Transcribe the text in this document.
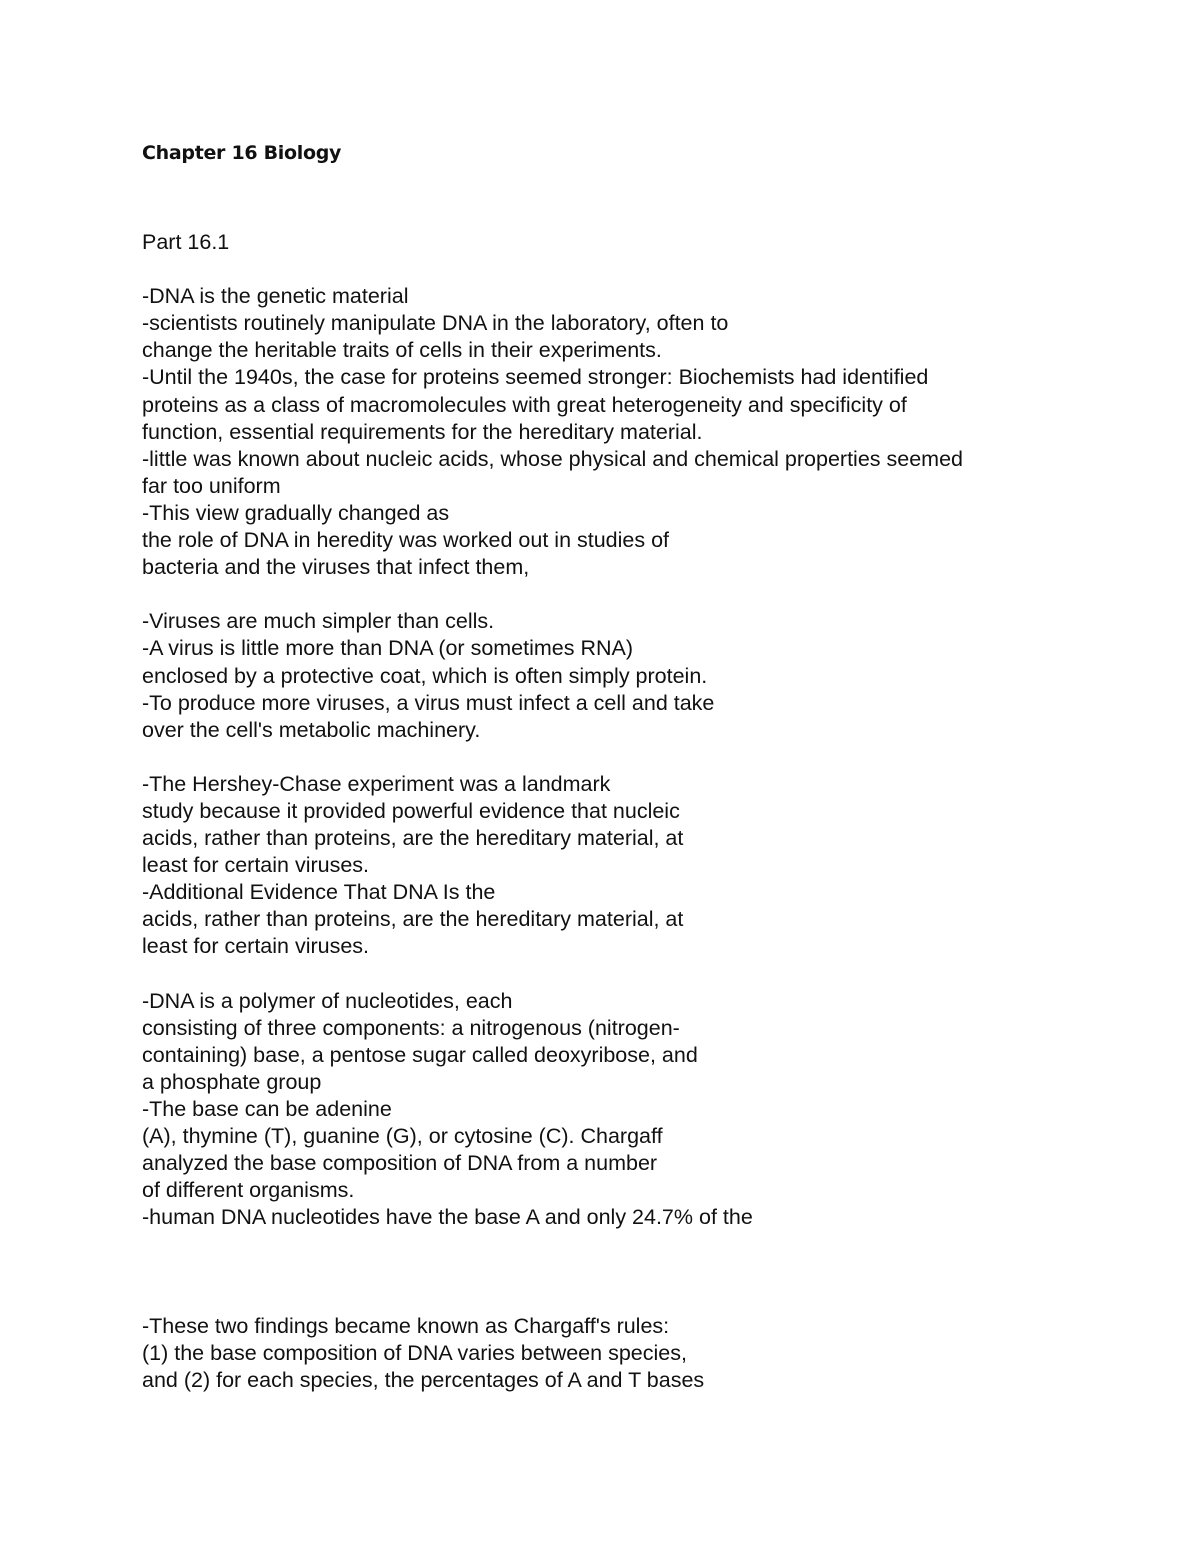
Chapter 16 Biology
Part 16.1
-DNA is the genetic material
-scientists routinely manipulate DNA in the laboratory, often to
change the heritable traits of cells in their experiments.
-Until the 1940s, the case for proteins seemed stronger: Biochemists had identified
proteins as a class of macromolecules with great heterogeneity and specificity of
function, essential requirements for the hereditary material.
-little was known about nucleic acids, whose physical and chemical properties seemed
far too uniform
-This view gradually changed as
the role of DNA in heredity was worked out in studies of
bacteria and the viruses that infect them,
-Viruses are much simpler than cells.
-A virus is little more than DNA (or sometimes RNA)
enclosed by a protective coat, which is often simply protein.
-To produce more viruses, a virus must infect a cell and take
over the cell's metabolic machinery.
-The Hershey-Chase experiment was a landmark
study because it provided powerful evidence that nucleic
acids, rather than proteins, are the hereditary material, at
least for certain viruses.
-Additional Evidence That DNA Is the
acids, rather than proteins, are the hereditary material, at
least for certain viruses.
-DNA is a polymer of nucleotides, each
consisting of three components: a nitrogenous (nitrogen-
containing) base, a pentose sugar called deoxyribose, and
a phosphate group
-The base can be adenine
(A), thymine (T), guanine (G), or cytosine (C). Chargaff
analyzed the base composition of DNA from a number
of different organisms.
-human DNA nucleotides have the base A and only 24.7% of the
-These two findings became known as Chargaff's rules:
(1) the base composition of DNA varies between species,
and (2) for each species, the percentages of A and T bases
